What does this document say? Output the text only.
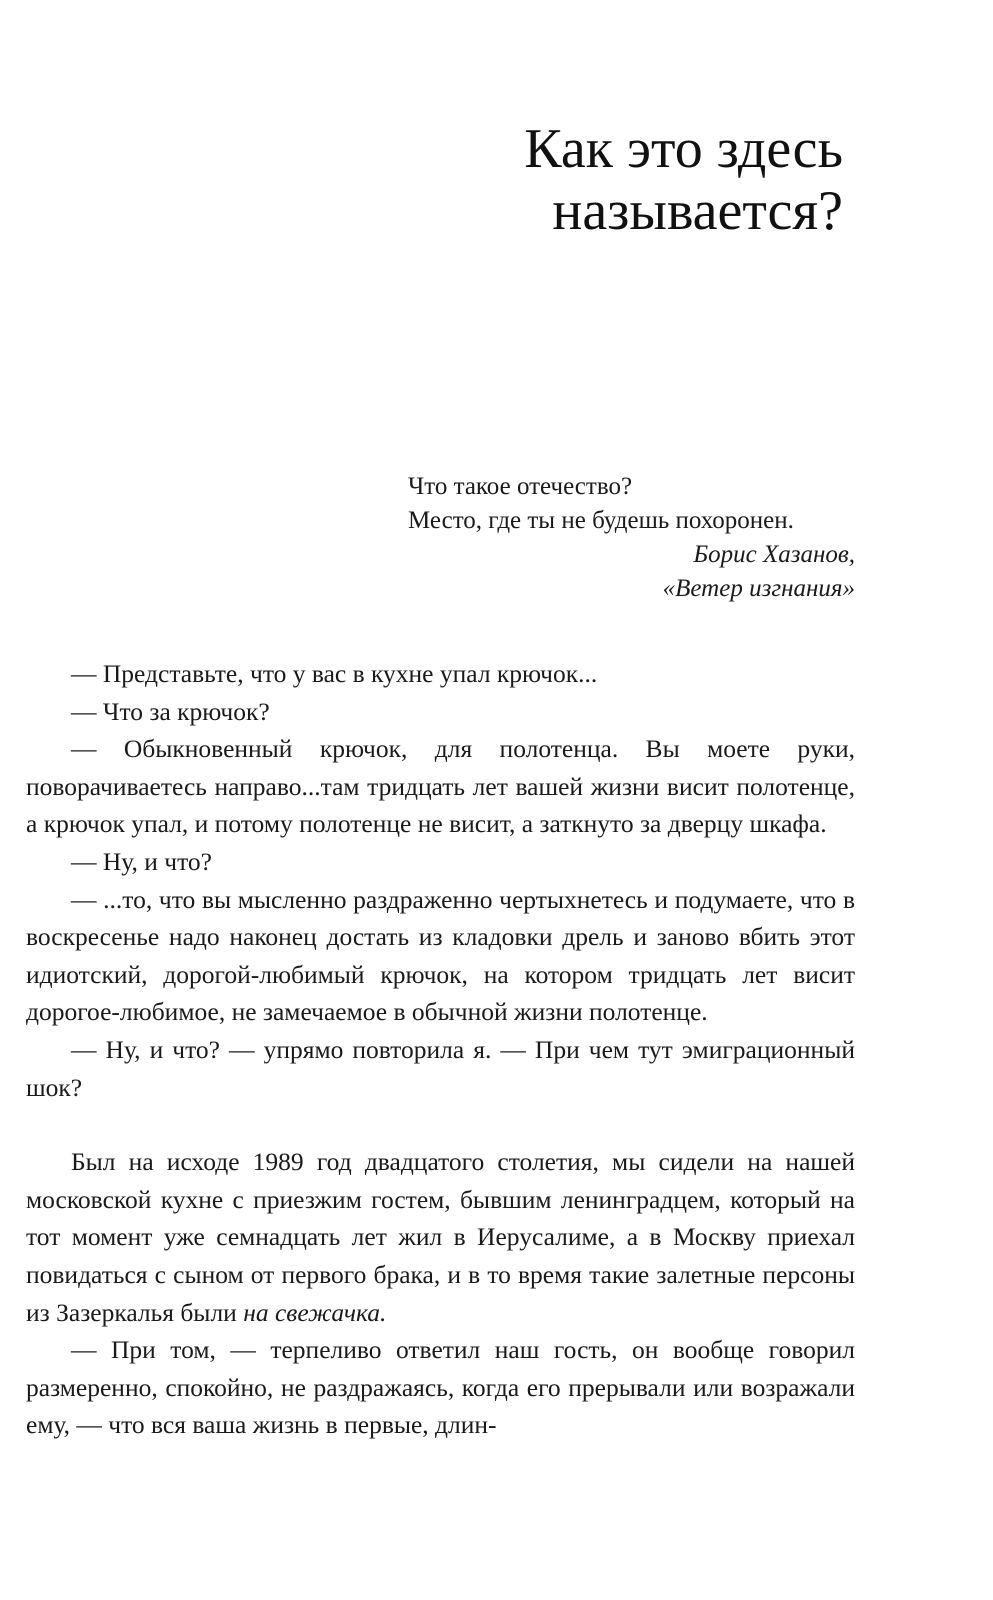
Как это здесь
называется?
Что такое отечество?
Место, где ты не будешь похоронен.
Борис Хазанов,
«Ветер изгнания»

— Представьте, что у вас в кухне упал крючок...

— Что за крючок?

— Обыкновенный крючок, для полотенца. Вы моете руки, поворачиваетесь направо...там тридцать лет вашей жизни висит полотенце, а крючок упал, и потому полотенце не висит, а заткнуто за дверцу шкафа.

— Ну, и что?

— ...то, что вы мысленно раздраженно чертыхнетесь и подумаете, что в воскресенье надо наконец достать из кладовки дрель и заново вбить этот идиотский, дорогой-любимый крючок, на котором тридцать лет висит дорогое-любимое, не замечаемое в обычной жизни полотенце.

— Ну, и что? — упрямо повторила я. — При чем тут эмиграционный шок?

Был на исходе 1989 год двадцатого столетия, мы сидели на нашей московской кухне с приезжим гостем, бывшим ленинградцем, который на тот момент уже семнадцать лет жил в Иерусалиме, а в Москву приехал повидаться с сыном от первого брака, и в то время такие залетные персоны из Зазеркалья были на свежачка.

— При том, — терпеливо ответил наш гость, он вообще говорил размеренно, спокойно, не раздражаясь, когда его прерывали или возражали ему, — что вся ваша жизнь в первые, длин-
